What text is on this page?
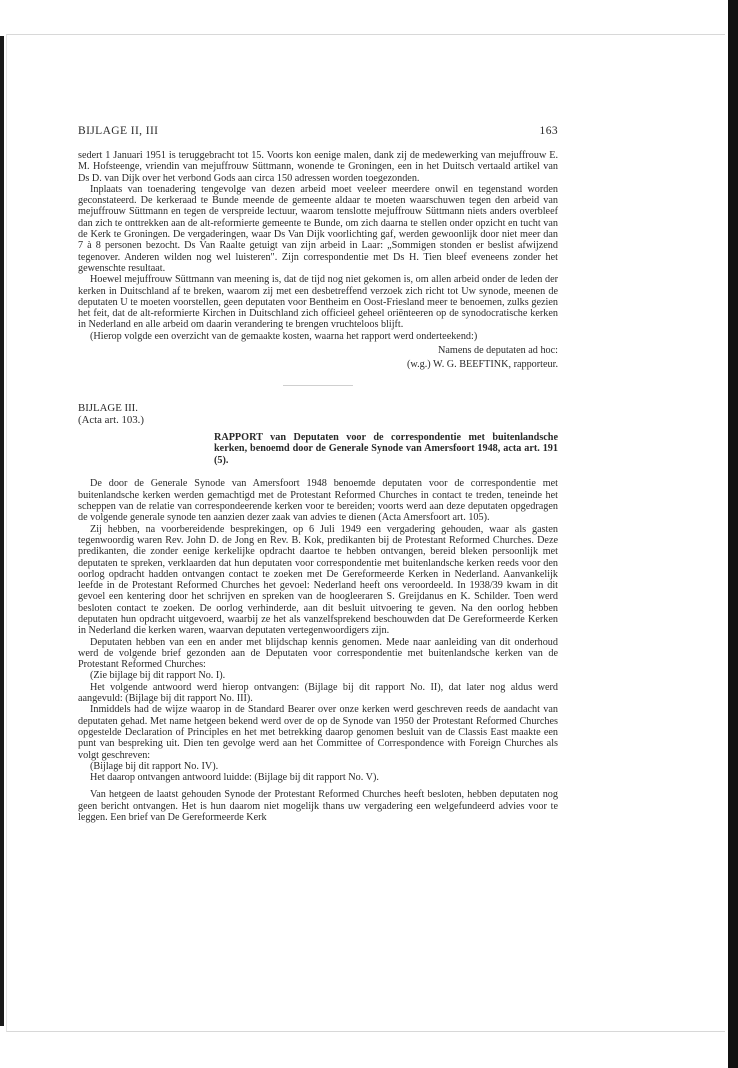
BIJLAGE II, III	163

sedert 1 Januari 1951 is teruggebracht tot 15. Voorts kon eenige malen, dank zij de medewerking van mejuffrouw E. M. Hofsteenge, vriendin van mejuffrouw Süttmann, wonende te Groningen, een in het Duitsch vertaald artikel van Ds D. van Dijk over het verbond Gods aan circa 150 adressen worden toegezonden.

Inplaats van toenadering tengevolge van dezen arbeid moet veeleer meerdere onwil en tegenstand worden geconstateerd. De kerkeraad te Bunde meende de gemeente aldaar te moeten waarschuwen tegen den arbeid van mejuffrouw Süttmann en tegen de verspreide lectuur, waarom tenslotte mejuffrouw Süttmann niets anders overbleef dan zich te onttrekken aan de alt-reformierte gemeente te Bunde, om zich daarna te stellen onder opzicht en tucht van de Kerk te Groningen. De vergaderingen, waar Ds Van Dijk voorlichting gaf, werden gewoonlijk door niet meer dan 7 à 8 personen bezocht. Ds Van Raalte getuigt van zijn arbeid in Laar: „Sommigen stonden er beslist afwijzend tegenover. Anderen wilden nog wel luisteren". Zijn correspondentie met Ds H. Tien bleef eveneens zonder het gewenschte resultaat.

Hoewel mejuffrouw Süttmann van meening is, dat de tijd nog niet gekomen is, om allen arbeid onder de leden der kerken in Duitschland af te breken, waarom zij met een desbetreffend verzoek zich richt tot Uw synode, meenen de deputaten U te moeten voorstellen, geen deputaten voor Bentheim en Oost-Friesland meer te benoemen, zulks gezien het feit, dat de alt-reformierte Kirchen in Duitschland zich officieel geheel oriënteeren op de synodocratische kerken in Nederland en alle arbeid om daarin verandering te brengen vruchteloos blijft.

(Hierop volgde een overzicht van de gemaakte kosten, waarna het rapport werd onderteekend:)

Namens de deputaten ad hoc:

(w.g.) W. G. BEEFTINK, rapporteur.

BIJLAGE III.

(Acta art. 103.)

RAPPORT van Deputaten voor de correspondentie met buitenlandsche kerken, benoemd door de Generale Synode van Amersfoort 1948, acta art. 191 (5).

De door de Generale Synode van Amersfoort 1948 benoemde deputaten voor de correspondentie met buitenlandsche kerken werden gemachtigd met de Protestant Reformed Churches in contact te treden, teneinde het scheppen van de relatie van correspondeerende kerken voor te bereiden; voorts werd aan deze deputaten opgedragen de volgende generale synode ten aanzien dezer zaak van advies te dienen (Acta Amersfoort art. 105).

Zij hebben, na voorbereidende besprekingen, op 6 Juli 1949 een vergadering gehouden, waar als gasten tegenwoordig waren Rev. John D. de Jong en Rev. B. Kok, predikanten bij de Protestant Reformed Churches. Deze predikanten, die zonder eenige kerkelijke opdracht daartoe te hebben ontvangen, bereid bleken persoonlijk met deputaten te spreken, verklaarden dat hun deputaten voor correspondentie met buitenlandsche kerken reeds voor den oorlog opdracht hadden ontvangen contact te zoeken met De Gereformeerde Kerken in Nederland. Aanvankelijk leefde in de Protestant Reformed Churches het gevoel: Nederland heeft ons veroordeeld. In 1938/39 kwam in dit gevoel een kentering door het schrijven en spreken van de hoogleeraren S. Greijdanus en K. Schilder. Toen werd besloten contact te zoeken. De oorlog verhinderde, aan dit besluit uitvoering te geven. Na den oorlog hebben deputaten hun opdracht uitgevoerd, waarbij ze het als vanzelfsprekend beschouwden dat De Gereformeerde Kerken in Nederland die kerken waren, waarvan deputaten vertegenwoordigers zijn.

Deputaten hebben van een en ander met blijdschap kennis genomen. Mede naar aanleiding van dit onderhoud werd de volgende brief gezonden aan de Deputaten voor correspondentie met buitenlandsche kerken van de Protestant Reformed Churches:

(Zie bijlage bij dit rapport No. I).

Het volgende antwoord werd hierop ontvangen: (Bijlage bij dit rapport No. II), dat later nog aldus werd aangevuld: (Bijlage bij dit rapport No. III).

Inmiddels had de wijze waarop in de Standard Bearer over onze kerken werd geschreven reeds de aandacht van deputaten gehad. Met name hetgeen bekend werd over de op de Synode van 1950 der Protestant Reformed Churches opgestelde Declaration of Principles en het met betrekking daarop genomen besluit van de Classis East maakte een punt van bespreking uit. Dien ten gevolge werd aan het Committee of Correspondence with Foreign Churches als volgt geschreven:

(Bijlage bij dit rapport No. IV).

Het daarop ontvangen antwoord luidde: (Bijlage bij dit rapport No. V).

Van hetgeen de laatst gehouden Synode der Protestant Reformed Churches heeft besloten, hebben deputaten nog geen bericht ontvangen. Het is hun daarom niet mogelijk thans uw vergadering een welgefundeerd advies voor te leggen. Een brief van De Gereformeerde Kerk
